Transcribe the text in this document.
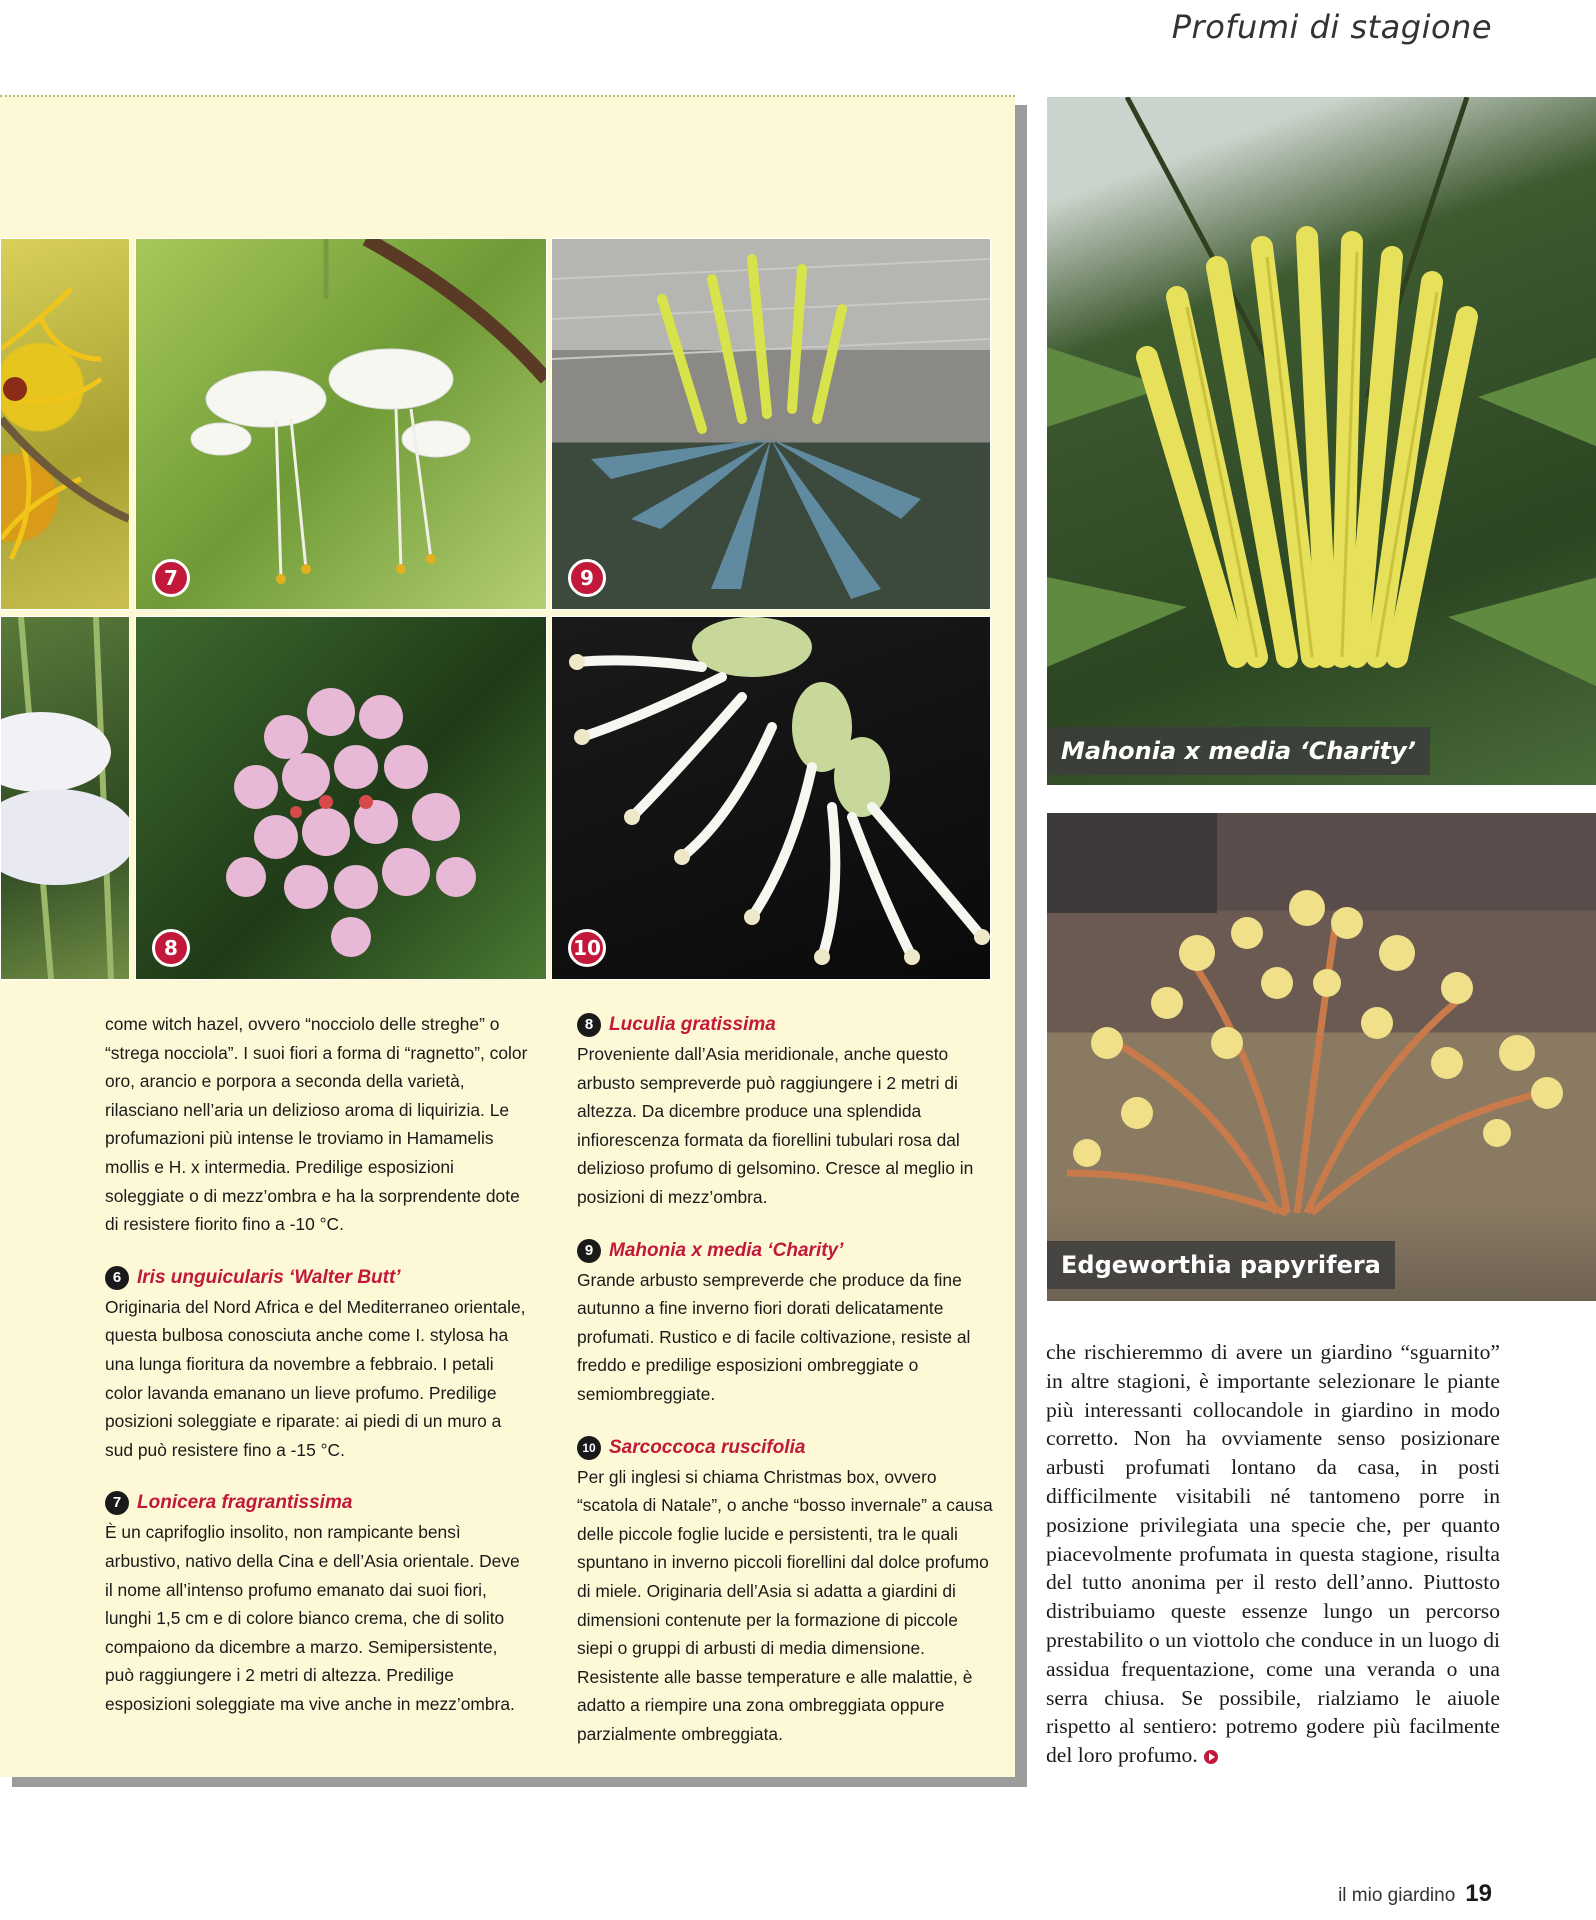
Profumi di stagione
7	9
8	10
Mahonia x media ‘Charity’
Edgeworthia papyrifera

come witch hazel, ovvero “nocciolo delle streghe” o “strega nocciola”. I suoi fiori a forma di “ragnetto”, color oro, arancio e porpora a seconda della varietà, rilasciano nell’aria un delizioso aroma di liquirizia. Le profumazioni più intense le troviamo in Hamamelis mollis e H. x intermedia. Predilige esposizioni soleggiate o di mezz’ombra e ha la sorprendente dote di resistere fiorito fino a -10 °C.

6 Iris unguicularis ‘Walter Butt’

Originaria del Nord Africa e del Mediterraneo orientale, questa bulbosa conosciuta anche come I. stylosa ha una lunga fioritura da novembre a febbraio. I petali color lavanda emanano un lieve profumo. Predilige posizioni soleggiate e riparate: ai piedi di un muro a sud può resistere fino a -15 °C.

7 Lonicera fragrantissima

È un caprifoglio insolito, non rampicante bensì arbustivo, nativo della Cina e dell’Asia orientale. Deve il nome all’intenso profumo emanato dai suoi fiori, lunghi 1,5 cm e di colore bianco crema, che di solito compaiono da dicembre a marzo. Semipersistente, può raggiungere i 2 metri di altezza. Predilige esposizioni soleggiate ma vive anche in mezz’ombra.

8 Luculia gratissima

Proveniente dall’Asia meridionale, anche questo arbusto sempreverde può raggiungere i 2 metri di altezza. Da dicembre produce una splendida infiorescenza formata da fiorellini tubulari rosa dal delizioso profumo di gelsomino. Cresce al meglio in posizioni di mezz’ombra.

9 Mahonia x media ‘Charity’

Grande arbusto sempreverde che produce da fine autunno a fine inverno fiori dorati delicatamente profumati. Rustico e di facile coltivazione, resiste al freddo e predilige esposizioni ombreggiate o semiombreggiate.

10 Sarcoccoca ruscifolia

Per gli inglesi si chiama Christmas box, ovvero “scatola di Natale”, o anche “bosso invernale” a causa delle piccole foglie lucide e persistenti, tra le quali spuntano in inverno piccoli fiorellini dal dolce profumo di miele. Originaria dell’Asia si adatta a giardini di dimensioni contenute per la formazione di piccole siepi o gruppi di arbusti di media dimensione. Resistente alle basse temperature e alle malattie, è adatto a riempire una zona ombreggiata oppure parzialmente ombreggiata.

che rischieremmo di avere un giardino “sguarnito” in altre stagioni, è importante selezionare le piante più interessanti collocandole in giardino in modo corretto. Non ha ovviamente senso posizionare arbusti profumati lontano da casa, in posti difficilmente visitabili né tantomeno porre in posizione privilegiata una specie che, per quanto piacevolmente profumata in questa stagione, risulta del tutto anonima per il resto dell’anno. Piuttosto distribuiamo queste essenze lungo un percorso prestabilito o un viottolo che conduce in un luogo di assidua frequentazione, come una veranda o una serra chiusa. Se possibile, rialziamo le aiuole rispetto al sentiero: potremo godere più facilmente del loro profumo.
il mio giardino 19
